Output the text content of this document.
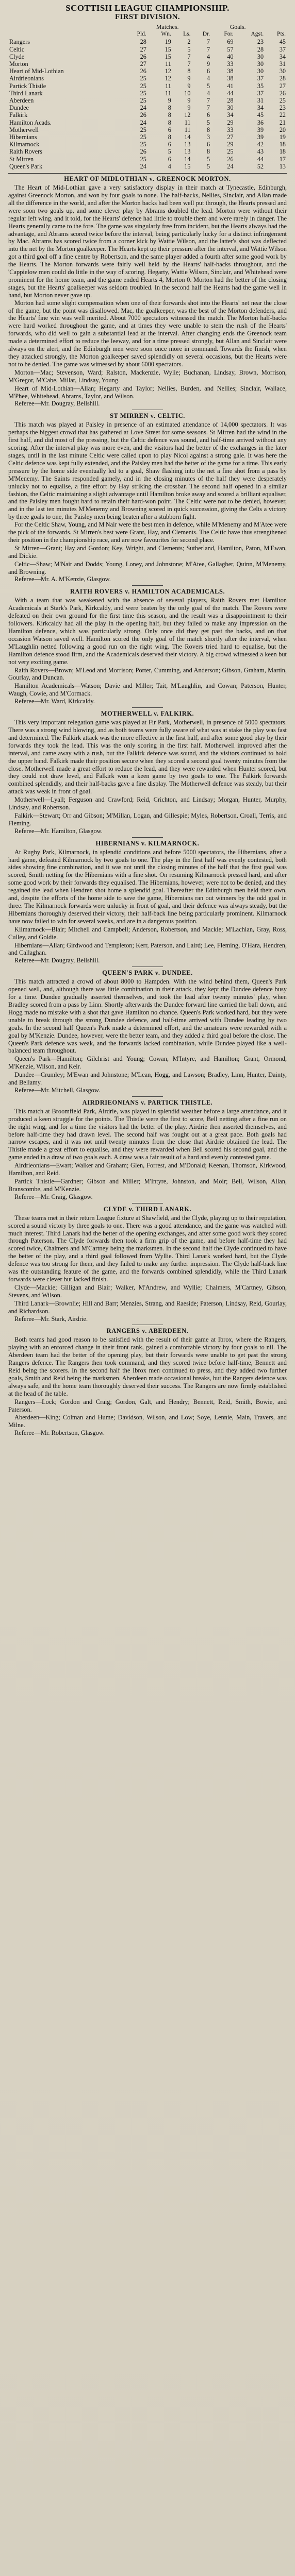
SCOTTISH LEAGUE CHAMPIONSHIP.
FIRST DIVISION.
	Matches.				Goals.		
	Pld.	Wn.	Ls.	Dr.	For.	Agst.	Pts.
Rangers	28	19	2	7	69	23	45
Celtic	27	15	5	7	57	28	37
Clyde	26	15	7	4	40	30	34
Morton	27	11	7	9	33	30	31
Heart of Mid-Lothian	26	12	8	6	38	30	30
Airdrieonians	25	12	9	4	38	37	28
Partick Thistle	25	11	9	5	41	35	27
Third Lanark	25	11	10	4	44	37	26
Aberdeen	25	9	9	7	28	31	25
Dundee	24	8	9	7	30	34	23
Falkirk	26	8	12	6	34	45	22
Hamilton Acads.	24	8	11	5	29	36	21
Motherwell	25	6	11	8	33	39	20
Hibernians	25	8	14	3	27	39	19
Kilmarnock	25	6	13	6	29	42	18
Raith Rovers	26	5	13	8	25	43	18
St Mirren	25	6	14	5	26	44	17
Queen's Park	24	4	15	5	24	52	13
HEART OF MIDLOTHIAN v. GREENOCK MORTON.

The Heart of Mid-Lothian gave a very satisfactory display in their match at Tynecastle, Edinburgh, against Greenock Morton, and won by four goals to none. The half-backs, Nellies, Sinclair, and Allan made all the difference in the world, and after the Morton backs had been well put through, the Hearts pressed and were soon two goals up, and some clever play by Abrams doubled the lead. Morton were without their regular left wing, and it told, for the Hearts' defence had little to trouble them and were rarely in danger. The Hearts generally came to the fore. The game was singularly free from incident, but the Hearts always had the advantage, and Abrams scored twice before the interval, being particularly lucky for a distinct infringement by Mac. Abrams has scored twice from a corner kick by Wattie Wilson, and the latter's shot was deflected into the net by the Morton goalkeeper. The Hearts kept up their pressure after the interval, and Wattie Wilson got a third goal off a fine centre by Robertson, and the same player added a fourth after some good work by the Hearts. The Morton forwards were fairly well held by the Hearts' half-backs throughout, and the 'Cappielow men could do little in the way of scoring. Hegarty, Wattie Wilson, Sinclair, and Whitehead were prominent for the home team, and the game ended Hearts 4, Morton 0. Morton had the better of the closing stages, but the Hearts' goalkeeper was seldom troubled. In the second half the Hearts had the game well in hand, but Morton never gave up.

Morton had some slight compensation when one of their forwards shot into the Hearts' net near the close of the game, but the point was disallowed. Mac, the goalkeeper, was the best of the Morton defenders, and the Hearts' fine win was well merited. About 7000 spectators witnessed the match. The Morton half-backs were hard worked throughout the game, and at times they were unable to stem the rush of the Hearts' forwards, who did well to gain a substantial lead at the interval. After changing ends the Greenock team made a determined effort to reduce the leeway, and for a time pressed strongly, but Allan and Sinclair were always on the alert, and the Edinburgh men were soon once more in command. Towards the finish, when they attacked strongly, the Morton goalkeeper saved splendidly on several occasions, but the Hearts were not to be denied. The game was witnessed by about 6000 spectators.

Morton—Mac; Stevenson, Ward; Ralston, Mackenzie, Wylie; Buchanan, Lindsay, Brown, Morrison, M'Gregor, M'Cabe, Millar, Lindsay, Young.

Heart of Mid-Lothian—Allan; Hegarty and Taylor; Nellies, Burden, and Nellies; Sinclair, Wallace, M'Phee, Whitehead, Abrams, Taylor, and Wilson.

Referee—Mr. Dougray, Bellshill.

ST MIRREN v. CELTIC.

This match was played at Paisley in presence of an estimated attendance of 14,000 spectators. It was perhaps the biggest crowd that has gathered at Love Street for some seasons. St Mirren had the wind in the first half, and did most of the pressing, but the Celtic defence was sound, and half-time arrived without any scoring. After the interval play was more even, and the visitors had the better of the exchanges in the later stages, until in the last minute Celtic were called upon to play Nicol against a strong gale. It was here the Celtic defence was kept fully extended, and the Paisley men had the better of the game for a time. This early pressure by the home side eventually led to a goal, Shaw flashing into the net a fine shot from a pass by M'Menemy. The Saints responded gamely, and in the closing minutes of the half they were desperately unlucky not to equalise, a fine effort by Hay striking the crossbar. The second half opened in a similar fashion, the Celtic maintaining a slight advantage until Hamilton broke away and scored a brilliant equaliser, and the Paisley men fought hard to retain their hard-won point. The Celtic were not to be denied, however, and in the last ten minutes M'Menemy and Browning scored in quick succession, giving the Celts a victory by three goals to one, the Paisley men being beaten after a stubborn fight.

For the Celtic Shaw, Young, and M'Nair were the best men in defence, while M'Menemy and M'Atee were the pick of the forwards. St Mirren's best were Grant, Hay, and Clements. The Celtic have thus strengthened their position in the championship race, and are now favourites for second place.

St Mirren—Grant; Hay and Gordon; Key, Wright, and Clements; Sutherland, Hamilton, Paton, M'Ewan, and Dickie.

Celtic—Shaw; M'Nair and Dodds; Young, Loney, and Johnstone; M'Atee, Gallagher, Quinn, M'Menemy, and Browning.

Referee—Mr. A. M'Kenzie, Glasgow.

RAITH ROVERS v. HAMILTON ACADEMICALS.

With a team that was weakened with the absence of several players, Raith Rovers met Hamilton Academicals at Stark's Park, Kirkcaldy, and were beaten by the only goal of the match. The Rovers were defeated on their own ground for the first time this season, and the result was a disappointment to their followers. Kirkcaldy had all the play in the opening half, but they failed to make any impression on the Hamilton defence, which was particularly strong. Only once did they get past the backs, and on that occasion Watson saved well. Hamilton scored the only goal of the match shortly after the interval, when M'Laughlin netted following a good run on the right wing. The Rovers tried hard to equalise, but the Hamilton defence stood firm, and the Academicals deserved their victory. A big crowd witnessed a keen but not very exciting game.

Raith Rovers—Brown; M'Leod and Morrison; Porter, Cumming, and Anderson; Gibson, Graham, Martin, Gourlay, and Duncan.

Hamilton Academicals—Watson; Davie and Miller; Tait, M'Laughlin, and Cowan; Paterson, Hunter, Waugh, Cowie, and M'Cormack.

Referee—Mr. Ward, Kirkcaldy.

MOTHERWELL v. FALKIRK.

This very important relegation game was played at Fir Park, Motherwell, in presence of 5000 spectators. There was a strong wind blowing, and as both teams were fully aware of what was at stake the play was fast and determined. The Falkirk attack was the more effective in the first half, and after some good play by their forwards they took the lead. This was the only scoring in the first half. Motherwell improved after the interval, and came away with a rush, but the Falkirk defence was sound, and the visitors continued to hold the upper hand. Falkirk made their position secure when they scored a second goal twenty minutes from the close. Motherwell made a great effort to reduce the lead, and they were rewarded when Hunter scored, but they could not draw level, and Falkirk won a keen game by two goals to one. The Falkirk forwards combined splendidly, and their half-backs gave a fine display. The Motherwell defence was steady, but their attack was weak in front of goal.

Motherwell—Lyall; Ferguson and Crawford; Reid, Crichton, and Lindsay; Morgan, Hunter, Murphy, Lindsay, and Robertson.

Falkirk—Stewart; Orr and Gibson; M'Millan, Logan, and Gillespie; Myles, Robertson, Croall, Terris, and Fleming.

Referee—Mr. Hamilton, Glasgow.

HIBERNIANS v. KILMARNOCK.

At Rugby Park, Kilmarnock, in splendid conditions and before 5000 spectators, the Hibernians, after a hard game, defeated Kilmarnock by two goals to one. The play in the first half was evenly contested, both sides showing fine combination, and it was not until the closing minutes of the half that the first goal was scored, Smith netting for the Hibernians with a fine shot. On resuming Kilmarnock pressed hard, and after some good work by their forwards they equalised. The Hibernians, however, were not to be denied, and they regained the lead when Hendren shot home a splendid goal. Thereafter the Edinburgh men held their own, and, despite the efforts of the home side to save the game, Hibernians ran out winners by the odd goal in three. The Kilmarnock forwards were unlucky in front of goal, and their defence was always steady, but the Hibernians thoroughly deserved their victory, their half-back line being particularly prominent. Kilmarnock have now failed to win for several weeks, and are in a dangerous position.

Kilmarnock—Blair; Mitchell and Campbell; Anderson, Robertson, and Mackie; M'Lachlan, Gray, Ross, Culley, and Goldie.

Hibernians—Allan; Girdwood and Templeton; Kerr, Paterson, and Laird; Lee, Fleming, O'Hara, Hendren, and Callaghan.

Referee—Mr. Dougray, Bellshill.

QUEEN'S PARK v. DUNDEE.

This match attracted a crowd of about 8000 to Hampden. With the wind behind them, Queen's Park opened well, and, although there was little combination in their attack, they kept the Dundee defence busy for a time. Dundee gradually asserted themselves, and took the lead after twenty minutes' play, when Bradley scored from a pass by Linn. Shortly afterwards the Dundee forward line carried the ball down, and Hogg made no mistake with a shot that gave Hamilton no chance. Queen's Park worked hard, but they were unable to break through the strong Dundee defence, and half-time arrived with Dundee leading by two goals. In the second half Queen's Park made a determined effort, and the amateurs were rewarded with a goal by M'Kenzie. Dundee, however, were the better team, and they added a third goal before the close. The Queen's Park defence was weak, and the forwards lacked combination, while Dundee played like a well-balanced team throughout.

Queen's Park—Hamilton; Gilchrist and Young; Cowan, M'Intyre, and Hamilton; Grant, Ormond, M'Kenzie, Wilson, and Keir.

Dundee—Crumley; M'Ewan and Johnstone; M'Lean, Hogg, and Lawson; Bradley, Linn, Hunter, Dainty, and Bellamy.

Referee—Mr. Mitchell, Glasgow.

AIRDRIEONIANS v. PARTICK THISTLE.

This match at Broomfield Park, Airdrie, was played in splendid weather before a large attendance, and it produced a keen struggle for the points. The Thistle were the first to score, Bell netting after a fine run on the right wing, and for a time the visitors had the better of the play. Airdrie then asserted themselves, and before half-time they had drawn level. The second half was fought out at a great pace. Both goals had narrow escapes, and it was not until twenty minutes from the close that Airdrie obtained the lead. The Thistle made a great effort to equalise, and they were rewarded when Bell scored his second goal, and the game ended in a draw of two goals each. A draw was a fair result of a hard and evenly contested game.

Airdrieonians—Ewart; Walker and Graham; Glen, Forrest, and M'Donald; Keenan, Thomson, Kirkwood, Hamilton, and Reid.

Partick Thistle—Gardner; Gibson and Miller; M'Intyre, Johnston, and Moir; Bell, Wilson, Allan, Branscombe, and M'Kenzie.

Referee—Mr. Craig, Glasgow.

CLYDE v. THIRD LANARK.

These teams met in their return League fixture at Shawfield, and the Clyde, playing up to their reputation, scored a sound victory by three goals to one. There was a good attendance, and the game was watched with much interest. Third Lanark had the better of the opening exchanges, and after some good work they scored through Paterson. The Clyde forwards then took a firm grip of the game, and before half-time they had scored twice, Chalmers and M'Cartney being the marksmen. In the second half the Clyde continued to have the better of the play, and a third goal followed from Wyllie. Third Lanark worked hard, but the Clyde defence was too strong for them, and they failed to make any further impression. The Clyde half-back line was the outstanding feature of the game, and the forwards combined splendidly, while the Third Lanark forwards were clever but lacked finish.

Clyde—Mackie; Gilligan and Blair; Walker, M'Andrew, and Wyllie; Chalmers, M'Cartney, Gibson, Stevens, and Wilson.

Third Lanark—Brownlie; Hill and Barr; Menzies, Strang, and Raeside; Paterson, Lindsay, Reid, Gourlay, and Richardson.

Referee—Mr. Stark, Airdrie.

RANGERS v. ABERDEEN.

Both teams had good reason to be satisfied with the result of their game at Ibrox, where the Rangers, playing with an enforced change in their front rank, gained a comfortable victory by four goals to nil. The Aberdeen team had the better of the opening play, but their forwards were unable to get past the strong Rangers defence. The Rangers then took command, and they scored twice before half-time, Bennett and Reid being the scorers. In the second half the Ibrox men continued to press, and they added two further goals, Smith and Reid being the marksmen. Aberdeen made occasional breaks, but the Rangers defence was always safe, and the home team thoroughly deserved their success. The Rangers are now firmly established at the head of the table.

Rangers—Lock; Gordon and Craig; Gordon, Galt, and Hendry; Bennett, Reid, Smith, Bowie, and Paterson.

Aberdeen—King; Colman and Hume; Davidson, Wilson, and Low; Soye, Lennie, Main, Travers, and Milne.

Referee—Mr. Robertson, Glasgow.
